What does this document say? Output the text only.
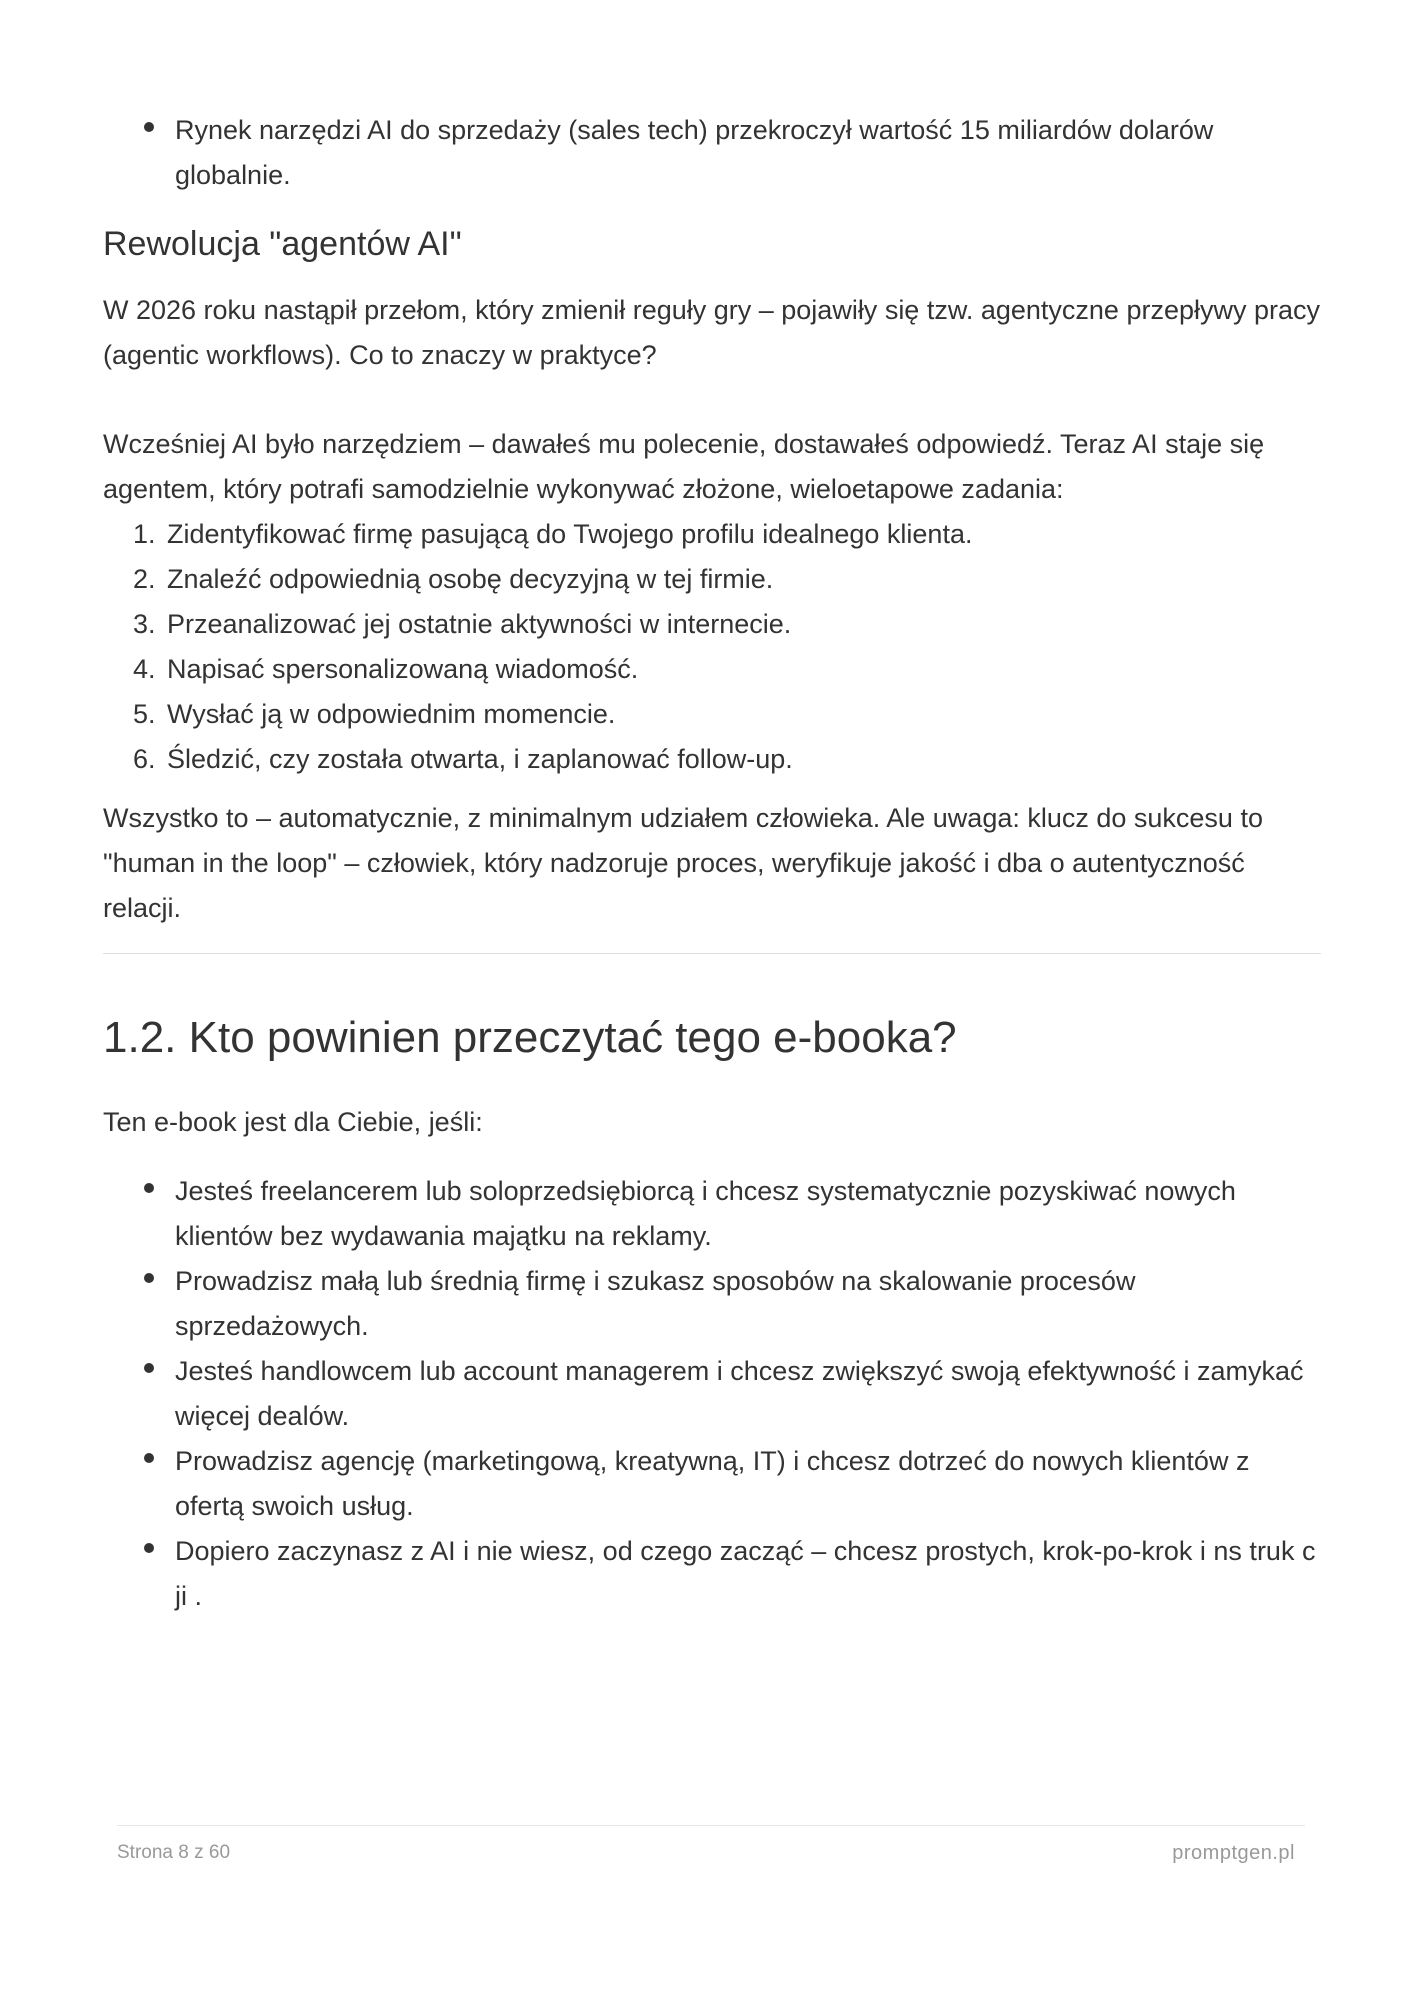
Rynek narzędzi AI do sprzedaży (sales tech) przekroczył wartość 15 miliardów dolarów globalnie.
Rewolucja "agentów AI"

W 2026 roku nastąpił przełom, który zmienił reguły gry – pojawiły się tzw. agentyczne przepływy pracy (agentic workflows). Co to znaczy w praktyce?

Wcześniej AI było narzędziem – dawałeś mu polecenie, dostawałeś odpowiedź. Teraz AI staje się agentem, który potrafi samodzielnie wykonywać złożone, wieloetapowe zadania:

1. Zidentyfikować firmę pasującą do Twojego profilu idealnego klienta.
2. Znaleźć odpowiednią osobę decyzyjną w tej firmie.
3. Przeanalizować jej ostatnie aktywności w internecie.
4. Napisać spersonalizowaną wiadomość.
5. Wysłać ją w odpowiednim momencie.
6. Śledzić, czy została otwarta, i zaplanować follow-up.

Wszystko to – automatycznie, z minimalnym udziałem człowieka. Ale uwaga: klucz do sukcesu to "human in the loop" – człowiek, który nadzoruje proces, weryfikuje jakość i dba o autentyczność relacji.

1.2. Kto powinien przeczytać tego e-booka?

Ten e-book jest dla Ciebie, jeśli:

Jesteś freelancerem lub soloprzedsiębiorcą i chcesz systematycznie pozyskiwać nowych klientów bez wydawania majątku na reklamy.
Prowadzisz małą lub średnią firmę i szukasz sposobów na skalowanie procesów sprzedażowych.
Jesteś handlowcem lub account managerem i chcesz zwiększyć swoją efektywność i zamykać więcej dealów.
Prowadzisz agencję (marketingową, kreatywną, IT) i chcesz dotrzeć do nowych klientów z ofertą swoich usług.
Dopiero zaczynasz z AI i nie wiesz, od czego zacząć – chcesz prostych, krok-po-krok i ns truk c ji .
Strona 8 z 60	promptgen.pl
